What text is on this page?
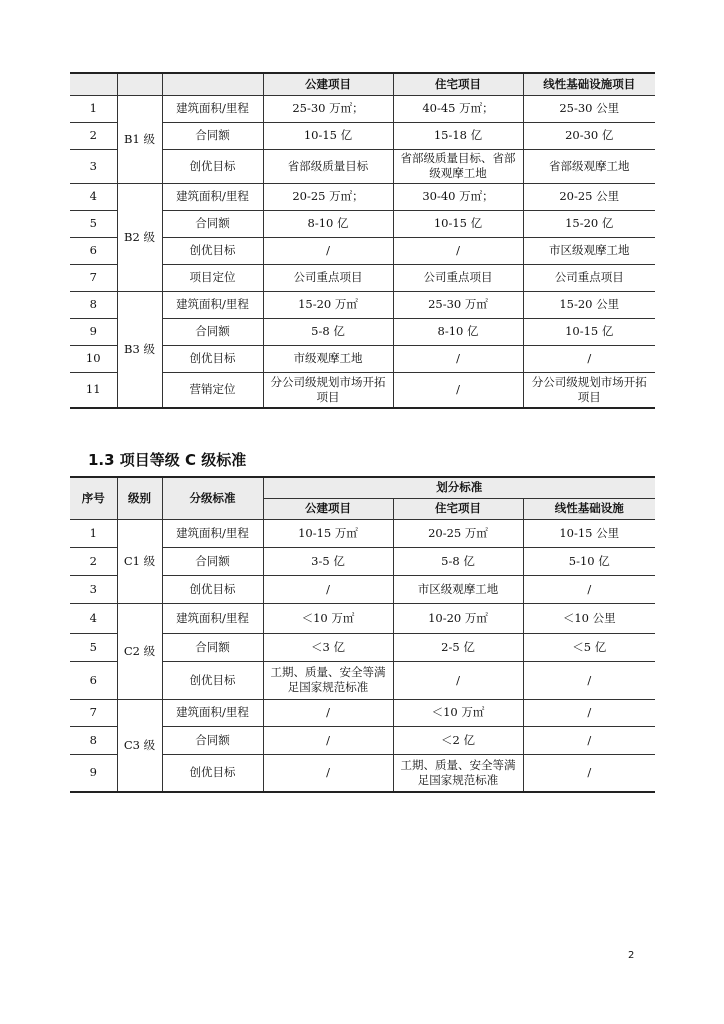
			公建项目	住宅项目	线性基础设施项目
1	B1 级	建筑面积/里程	25-30 万㎡；	40-45 万㎡；	25-30 公里
2		合同额	10-15 亿	15-18 亿	20-30 亿
3		创优目标	省部级质量目标	省部级质量目标、省部级观摩工地	省部级观摩工地
4	B2 级	建筑面积/里程	20-25 万㎡；	30-40 万㎡；	20-25 公里
5		合同额	8-10 亿	10-15 亿	15-20 亿
6		创优目标	/	/	市区级观摩工地
7		项目定位	公司重点项目	公司重点项目	公司重点项目
8	B3 级	建筑面积/里程	15-20 万㎡	25-30 万㎡	15-20 公里
9		合同额	5-8 亿	8-10 亿	10-15 亿
10		创优目标	市级观摩工地	/	/
11		营销定位	分公司级规划市场开拓项目	/	分公司级规划市场开拓项目
1.3 项目等级 C 级标准
序号	级别	分级标准	划分标准		
			公建项目	住宅项目	线性基础设施
1	C1 级	建筑面积/里程	10-15 万㎡	20-25 万㎡	10-15 公里
2		合同额	3-5 亿	5-8 亿	5-10 亿
3		创优目标	/	市区级观摩工地	/
4	C2 级	建筑面积/里程	＜10 万㎡	10-20 万㎡	＜10 公里
5		合同额	＜3 亿	2-5 亿	＜5 亿
6		创优目标	工期、质量、安全等满足国家规范标准	/	/
7	C3 级	建筑面积/里程	/	＜10 万㎡	/
8		合同额	/	＜2 亿	/
9		创优目标	/	工期、质量、安全等满足国家规范标准	/
2
